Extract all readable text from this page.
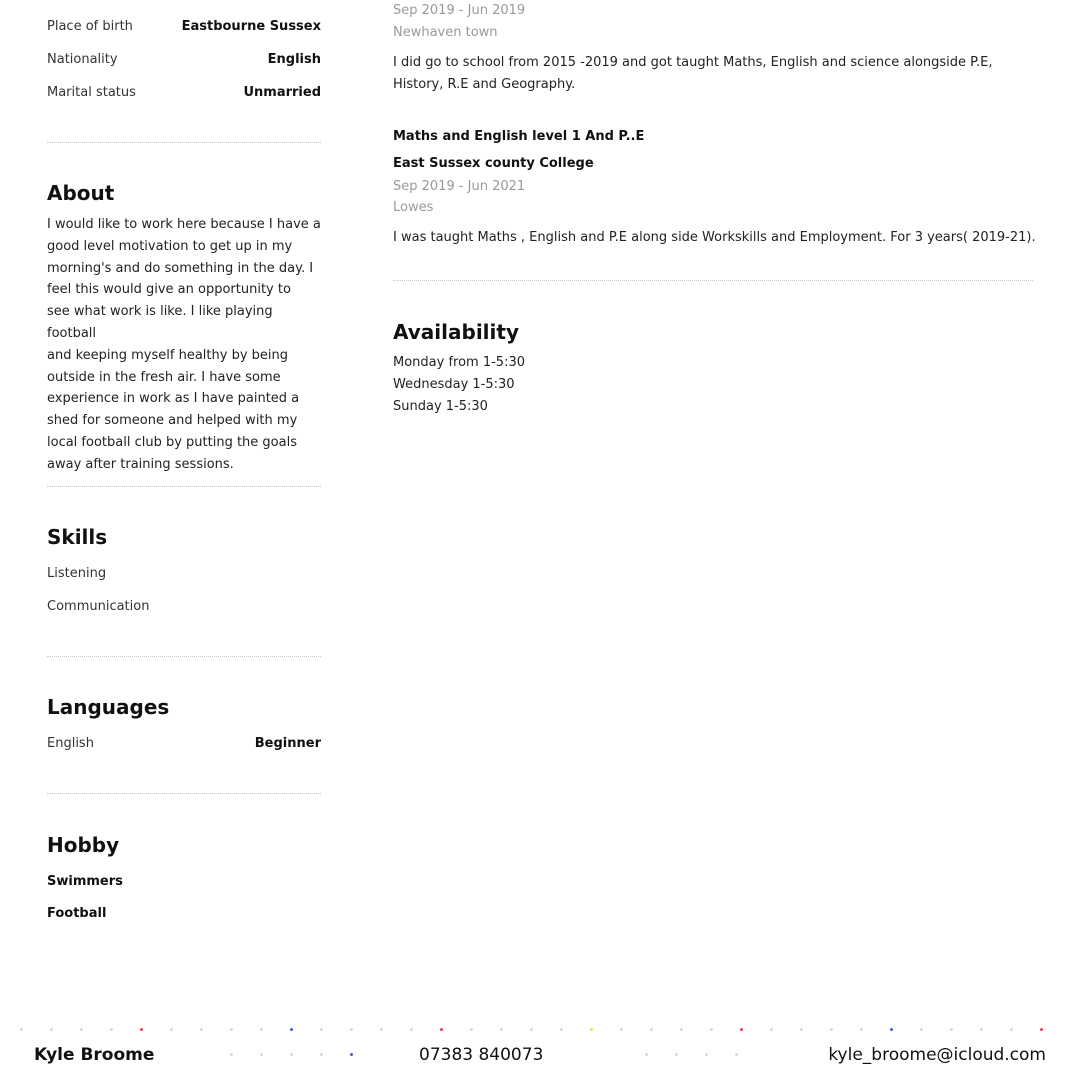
Place of birth	Eastbourne Sussex
Nationality	English
Marital status	Unmarried
About
I would like to work here because I have a
good level motivation to get up in my
morning's and do something in the day. I
feel this would give an opportunity to
see what work is like. I like playing football
and keeping myself healthy by being
outside in the fresh air. I have some
experience in work as I have painted a
shed for someone and helped with my
local football club by putting the goals
away after training sessions.
Skills
Listening
Communication
Languages
English	Beginner
Hobby
Swimmers
Football
Sep 2019 - Jun 2019
Newhaven town
I did go to school from 2015 -2019 and got taught Maths, English and science alongside P.E,
History, R.E and Geography.
Maths and English level 1 And P..E
East Sussex county College
Sep 2019 - Jun 2021
Lowes
I was taught Maths , English and P.E along side Workskills and Employment. For 3 years( 2019-21).
Availability
Monday from 1-5:30
Wednesday 1-5:30
Sunday 1-5:30
Kyle Broome	07383 840073	kyle_broome@icloud.com
